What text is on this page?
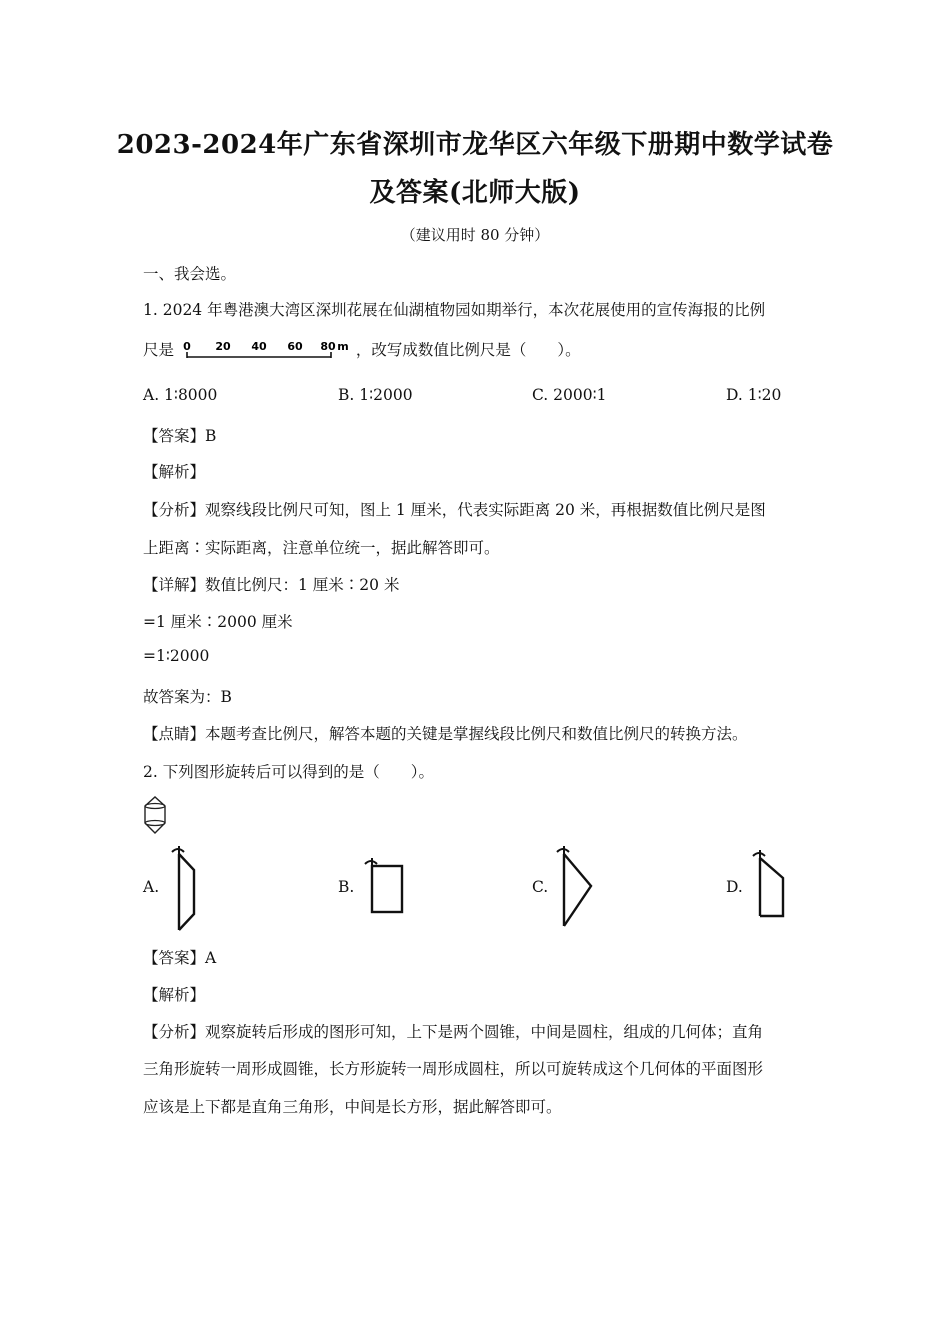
2023-2024年广东省深圳市龙华区六年级下册期中数学试卷
及答案(北师大版)
（建议用时 80 分钟）
一、我会选。
1. 2024 年粤港澳大湾区深圳花展在仙湖植物园如期举行，本次花展使用的宣传海报的比例
尺是 0 20 40 60 80 m ，改写成数值比例尺是（　　）。
A. 1∶8000	B. 1∶2000	C. 2000∶1	D. 1∶20
【答案】B
【解析】
【分析】观察线段比例尺可知，图上 1 厘米，代表实际距离 20 米，再根据数值比例尺是图
上距离∶实际距离，注意单位统一，据此解答即可。
【详解】数值比例尺：1 厘米∶20 米
=1 厘米∶2000 厘米
=1∶2000
故答案为：B
【点睛】本题考查比例尺，解答本题的关键是掌握线段比例尺和数值比例尺的转换方法。
2. 下列图形旋转后可以得到的是（　　）。
A.	B.	C.	D.
【答案】A
【解析】
【分析】观察旋转后形成的图形可知，上下是两个圆锥，中间是圆柱，组成的几何体；直角
三角形旋转一周形成圆锥，长方形旋转一周形成圆柱，所以可旋转成这个几何体的平面图形
应该是上下都是直角三角形，中间是长方形，据此解答即可。
